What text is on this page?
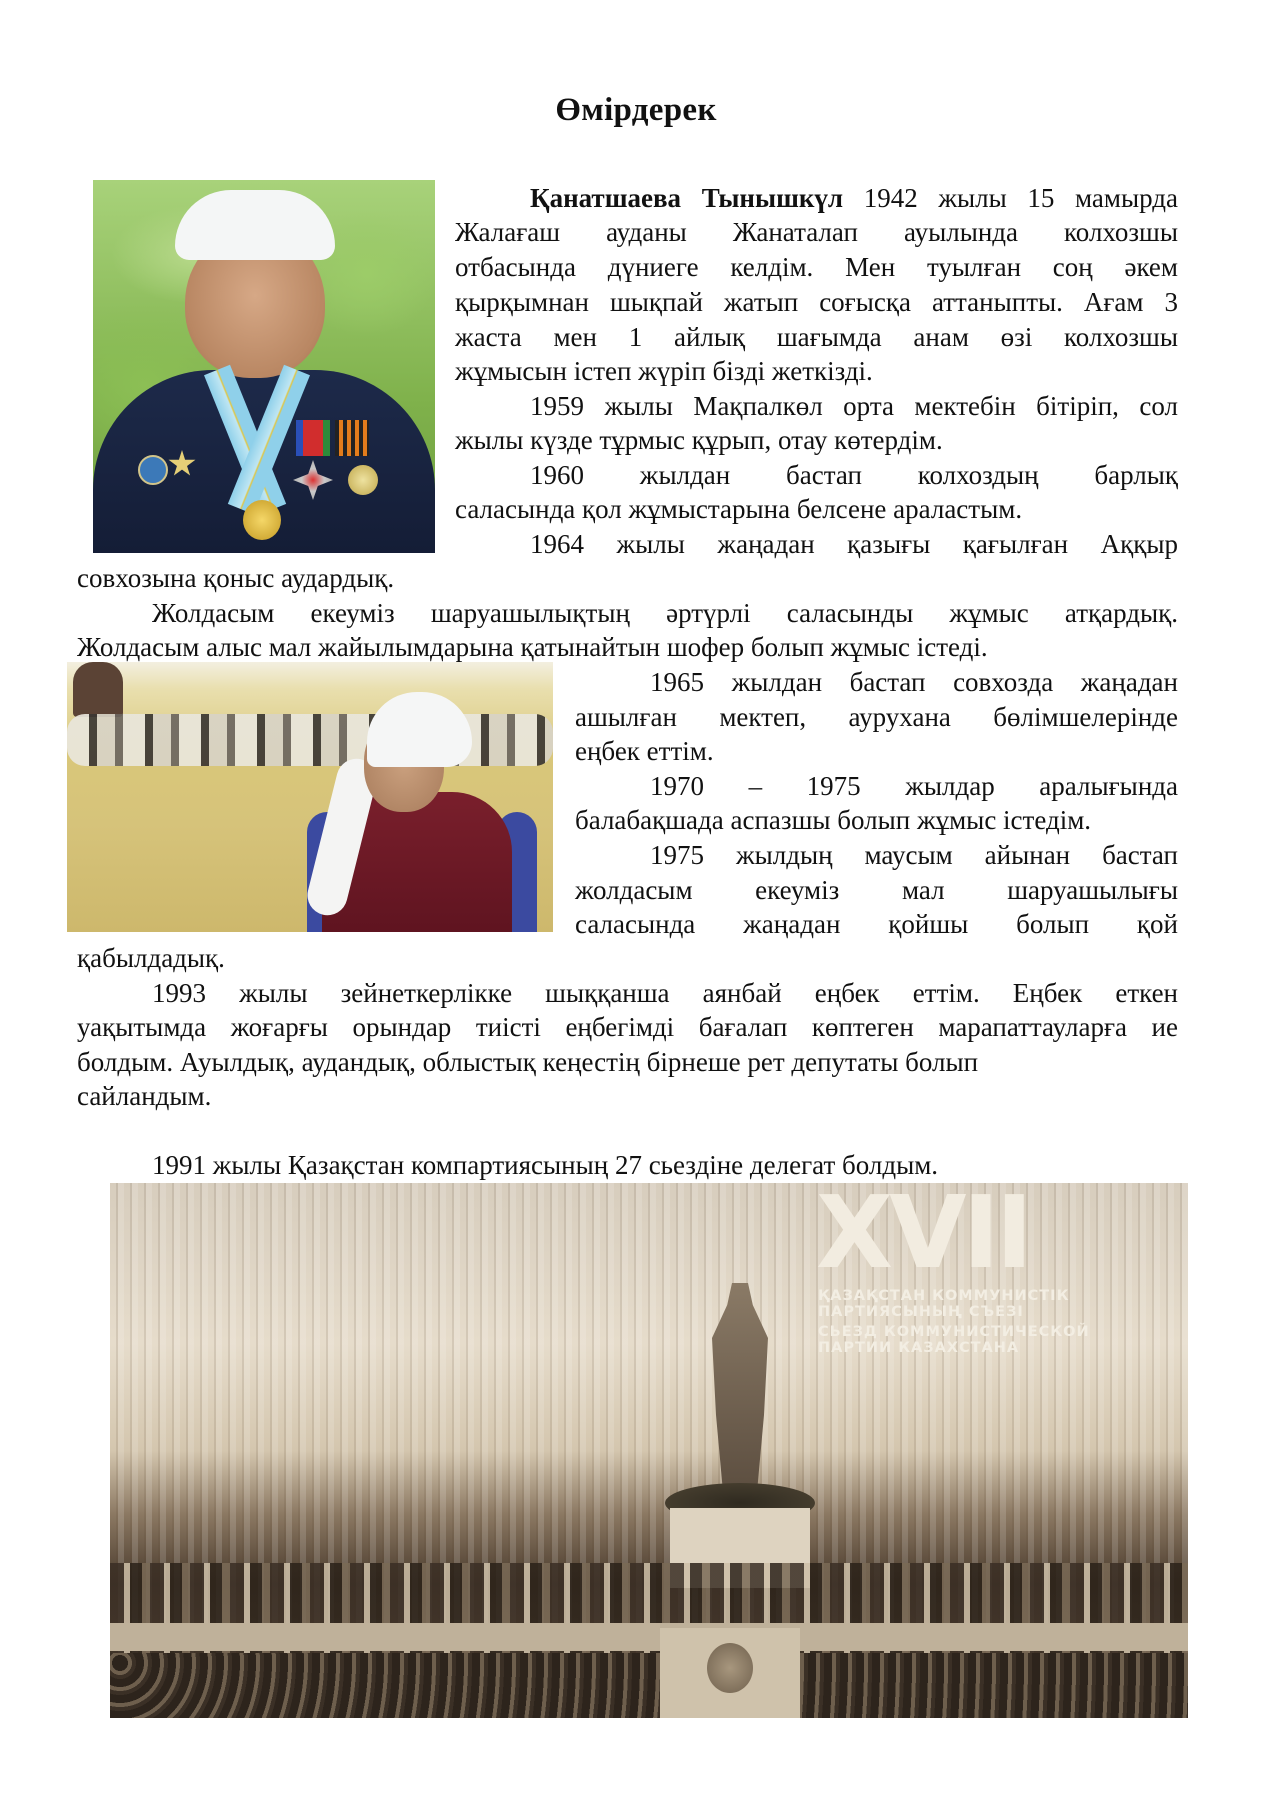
Өмірдерек
Қанатшаева Тынышкүл 1942 жылы 15 мамырда
Жалағаш ауданы Жанаталап ауылында колхозшы
отбасында дүниеге келдім. Мен туылған соң әкем
қырқымнан шықпай жатып соғысқа аттаныпты. Ағам 3
жаста мен 1 айлық шағымда анам өзі колхозшы
жұмысын істеп жүріп бізді жеткізді.
1959 жылы Мақпалкөл орта мектебін бітіріп, сол
жылы күзде тұрмыс құрып, отау көтердім.
1960 жылдан бастап колхоздың барлық
саласында қол жұмыстарына белсене араластым.
1964 жылы жаңадан қазығы қағылған Аққыр
совхозына қоныс аудардық.
Жолдасым екеуміз шаруашылықтың әртүрлі саласынды жұмыс атқардық.
Жолдасым алыс мал жайылымдарына қатынайтын шофер болып жұмыс істеді.
1965 жылдан бастап совхозда жаңадан
ашылған мектеп, аурухана бөлімшелерінде
еңбек еттім.
1970 – 1975 жылдар аралығында
балабақшада аспазшы болып жұмыс істедім.
1975 жылдың маусым айынан бастап
жолдасым екеуміз мал шаруашылығы
саласында жаңадан қойшы болып қой
қабылдадық.
1993 жылы зейнеткерлікке шыққанша аянбай еңбек еттім. Еңбек еткен
уақытымда жоғарғы орындар тиісті еңбегімді бағалап көптеген марапаттауларға ие
болдым. Ауылдық, аудандық, облыстық кеңестің бірнеше рет депутаты болып
сайландым.
1991 жылы Қазақстан компартиясының 27 сьездіне делегат болдым.
XVII
ҚАЗАҚСТАН КОММУНИСТІК
ПАРТИЯСЫНЫҢ СЪЕЗІ
СЬЕЗД КОММУНИСТИЧЕСКОЙ
ПАРТИИ КАЗАХСТАНА
